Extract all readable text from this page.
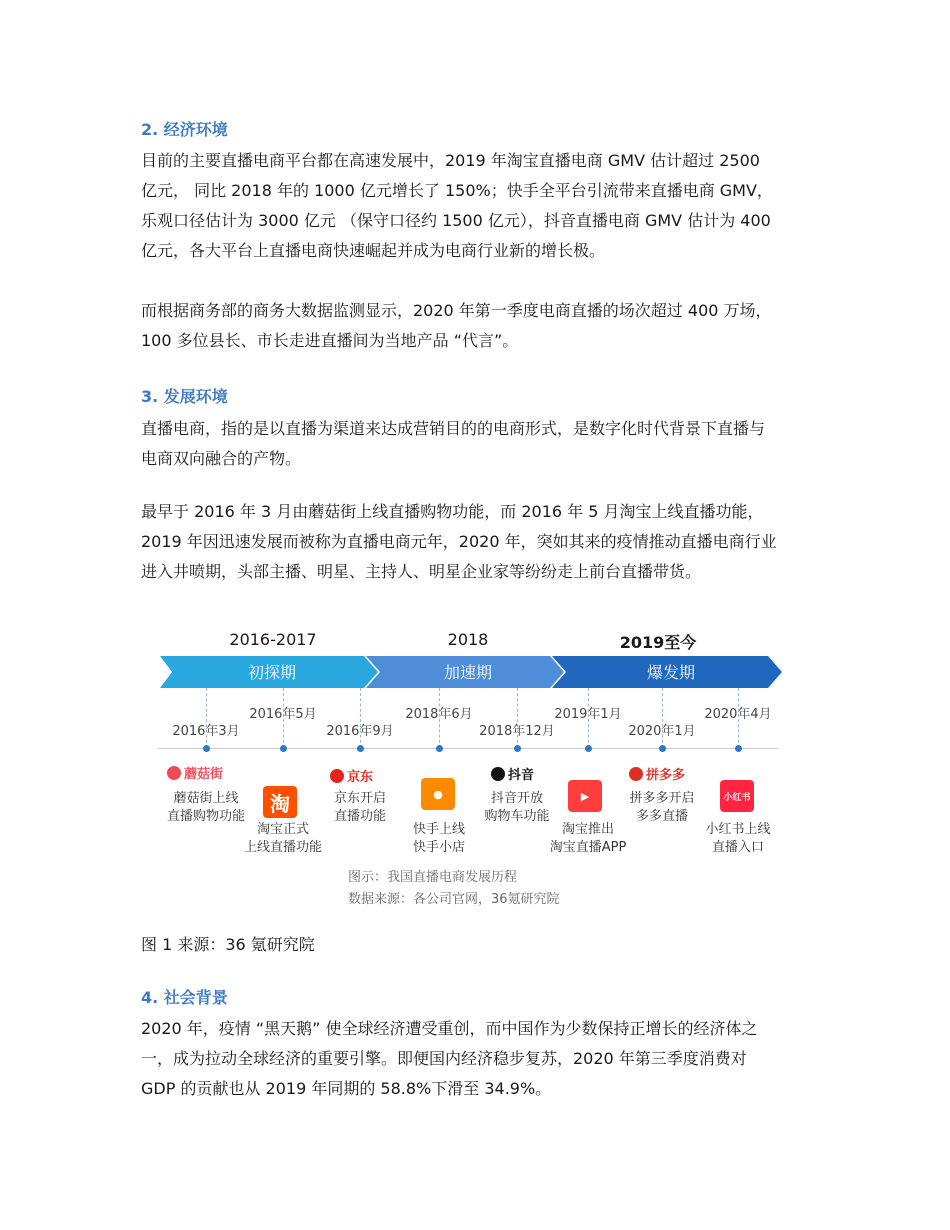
2. 经济环境
目前的主要直播电商平台都在高速发展中，2019 年淘宝直播电商 GMV 估计超过 2500
亿元， 同比 2018 年的 1000 亿元增长了 150%；快手全平台引流带来直播电商 GMV，
乐观口径估计为 3000 亿元 （保守口径约 1500 亿元），抖音直播电商 GMV 估计为 400
亿元，各大平台上直播电商快速崛起并成为电商行业新的增长极。
而根据商务部的商务大数据监测显示，2020 年第一季度电商直播的场次超过 400 万场，
100 多位县长、市长走进直播间为当地产品 “代言”。
3. 发展环境
直播电商，指的是以直播为渠道来达成营销目的的电商形式，是数字化时代背景下直播与
电商双向融合的产物。
最早于 2016 年 3 月由蘑菇街上线直播购物功能，而 2016 年 5 月淘宝上线直播功能，
2019 年因迅速发展而被称为直播电商元年，2020 年，突如其来的疫情推动直播电商行业
进入井喷期，头部主播、明星、主持人、明星企业家等纷纷走上前台直播带货。
2016-2017	2018	2019至今
初探期	加速期	爆发期
2016年3月
蘑菇街
蘑菇街上线
直播购物功能
2016年5月
淘
淘宝正式
上线直播功能
2016年9月
京东
京东开启
直播功能
2018年6月
●
快手上线
快手小店
2018年12月
抖音
抖音开放
购物车功能
2019年1月
▶
淘宝推出
淘宝直播APP
2020年1月
拼多多
拼多多开启
多多直播
2020年4月
小红书
小红书上线
直播入口
图示：我国直播电商发展历程
数据来源：各公司官网，36氪研究院
图 1 来源：36 氪研究院
4. 社会背景
2020 年，疫情 “黑天鹅” 使全球经济遭受重创，而中国作为少数保持正增长的经济体之
一，成为拉动全球经济的重要引擎。即便国内经济稳步复苏，2020 年第三季度消费对
GDP 的贡献也从 2019 年同期的 58.8%下滑至 34.9%。
